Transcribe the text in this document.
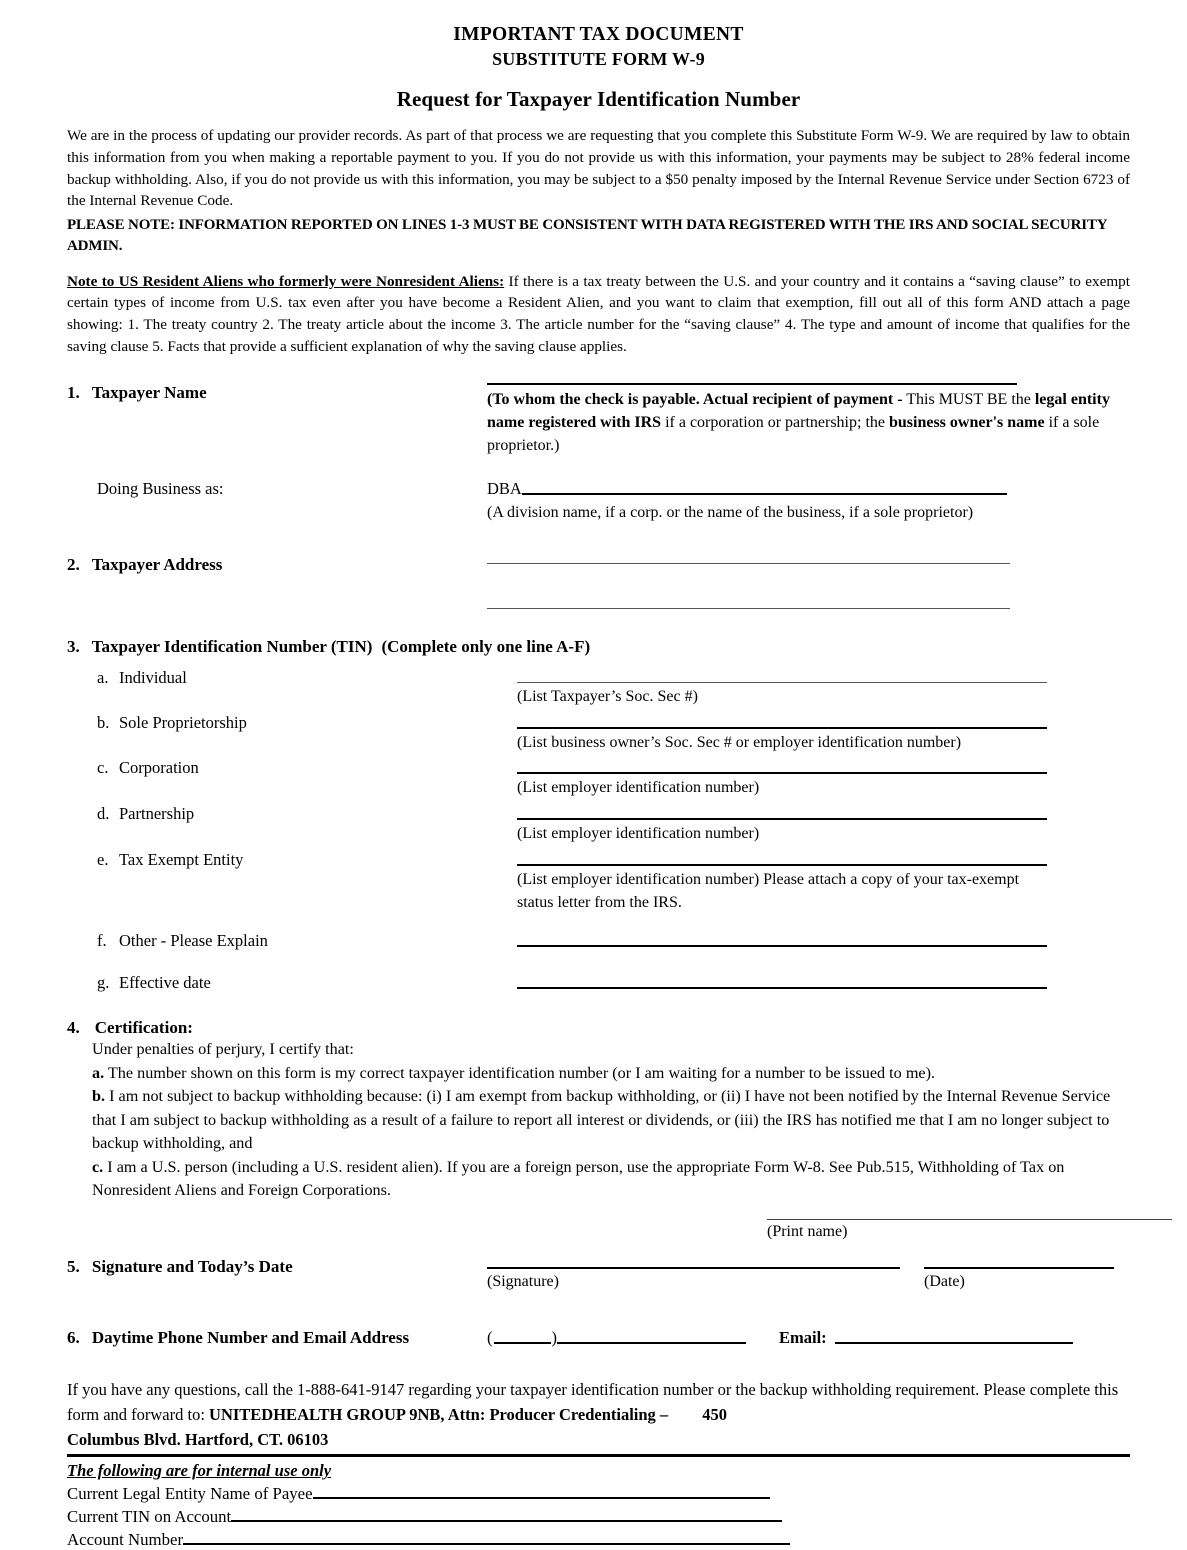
IMPORTANT TAX DOCUMENT
SUBSTITUTE FORM W-9
Request for Taxpayer Identification Number
We are in the process of updating our provider records. As part of that process we are requesting that you complete this Substitute Form W-9. We are required by law to obtain this information from you when making a reportable payment to you. If you do not provide us with this information, your payments may be subject to 28% federal income backup withholding. Also, if you do not provide us with this information, you may be subject to a $50 penalty imposed by the Internal Revenue Service under Section 6723 of the Internal Revenue Code.
PLEASE NOTE: INFORMATION REPORTED ON LINES 1-3 MUST BE CONSISTENT WITH DATA REGISTERED WITH THE IRS AND SOCIAL SECURITY ADMIN.
Note to US Resident Aliens who formerly were Nonresident Aliens: If there is a tax treaty between the U.S. and your country and it contains a “saving clause” to exempt certain types of income from U.S. tax even after you have become a Resident Alien, and you want to claim that exemption, fill out all of this form AND attach a page showing: 1. The treaty country 2. The treaty article about the income 3. The article number for the “saving clause” 4. The type and amount of income that qualifies for the saving clause 5. Facts that provide a sufficient explanation of why the saving clause applies.
1. Taxpayer Name	(To whom the check is payable. Actual recipient of payment - This MUST BE the legal entity name registered with IRS if a corporation or partnership; the business owner's name if a sole proprietor.)
Doing Business as:	DBA
(A division name, if a corp. or the name of the business, if a sole proprietor)
2. Taxpayer Address
3. Taxpayer Identification Number (TIN) (Complete only one line A-F)
a. Individual
(List Taxpayer’s Soc. Sec #)
b. Sole Proprietorship
(List business owner’s Soc. Sec # or employer identification number)
c. Corporation
(List employer identification number)
d. Partnership
(List employer identification number)
e. Tax Exempt Entity
(List employer identification number) Please attach a copy of your tax-exempt status letter from the IRS.
f. Other - Please Explain
g. Effective date
4. Certification:
Under penalties of perjury, I certify that:
a. The number shown on this form is my correct taxpayer identification number (or I am waiting for a number to be issued to me).
b. I am not subject to backup withholding because: (i) I am exempt from backup withholding, or (ii) I have not been notified by the Internal Revenue Service that I am subject to backup withholding as a result of a failure to report all interest or dividends, or (iii) the IRS has notified me that I am no longer subject to backup withholding, and
c. I am a U.S. person (including a U.S. resident alien). If you are a foreign person, use the appropriate Form W-8. See Pub.515, Withholding of Tax on Nonresident Aliens and Foreign Corporations.
(Print name)
5. Signature and Today’s Date
(Signature)	(Date)
6. Daytime Phone Number and Email Address	(	)	Email:
If you have any questions, call the 1-888-641-9147 regarding your taxpayer identification number or the backup withholding requirement. Please complete this form and forward to: UNITEDHEALTH GROUP 9NB, Attn: Producer Credentialing – 450
Columbus Blvd. Hartford, CT. 06103
The following are for internal use only
Current Legal Entity Name of Payee
Current TIN on Account
Account Number
